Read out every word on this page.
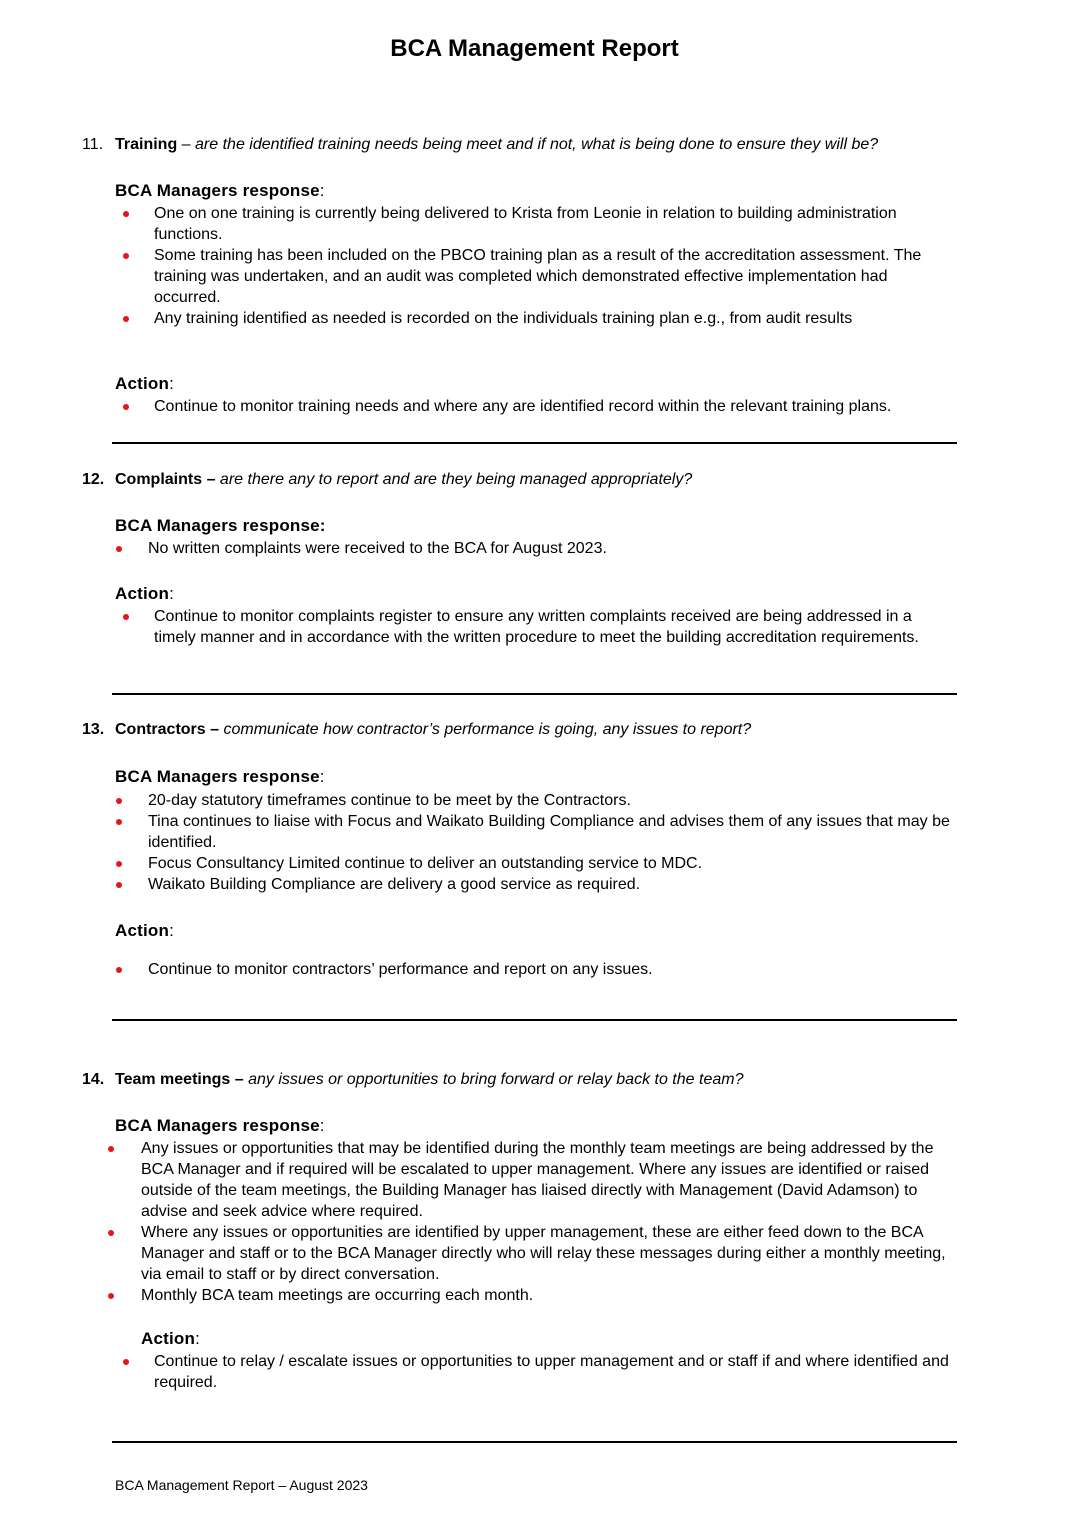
BCA Management Report
11. Training – are the identified training needs being meet and if not, what is being done to ensure they will be?
BCA Managers response:
One on one training is currently being delivered to Krista from Leonie in relation to building administration functions.
Some training has been included on the PBCO training plan as a result of the accreditation assessment. The training was undertaken, and an audit was completed which demonstrated effective implementation had occurred.
Any training identified as needed is recorded on the individuals training plan e.g., from audit results
Action:
Continue to monitor training needs and where any are identified record within the relevant training plans.
12. Complaints – are there any to report and are they being managed appropriately?
BCA Managers response:
No written complaints were received to the BCA for August 2023.
Action:
Continue to monitor complaints register to ensure any written complaints received are being addressed in a timely manner and in accordance with the written procedure to meet the building accreditation requirements.
13. Contractors – communicate how contractor’s performance is going, any issues to report?
BCA Managers response:
20-day statutory timeframes continue to be meet by the Contractors.
Tina continues to liaise with Focus and Waikato Building Compliance and advises them of any issues that may be identified.
Focus Consultancy Limited continue to deliver an outstanding service to MDC.
Waikato Building Compliance are delivery a good service as required.
Action:
Continue to monitor contractors’ performance and report on any issues.
14. Team meetings – any issues or opportunities to bring forward or relay back to the team?
BCA Managers response:
Any issues or opportunities that may be identified during the monthly team meetings are being addressed by the BCA Manager and if required will be escalated to upper management. Where any issues are identified or raised outside of the team meetings, the Building Manager has liaised directly with Management (David Adamson) to advise and seek advice where required.
Where any issues or opportunities are identified by upper management, these are either feed down to the BCA Manager and staff or to the BCA Manager directly who will relay these messages during either a monthly meeting, via email to staff or by direct conversation.
Monthly BCA team meetings are occurring each month.
Action:
Continue to relay / escalate issues or opportunities to upper management and or staff if and where identified and required.
BCA Management Report – August 2023
